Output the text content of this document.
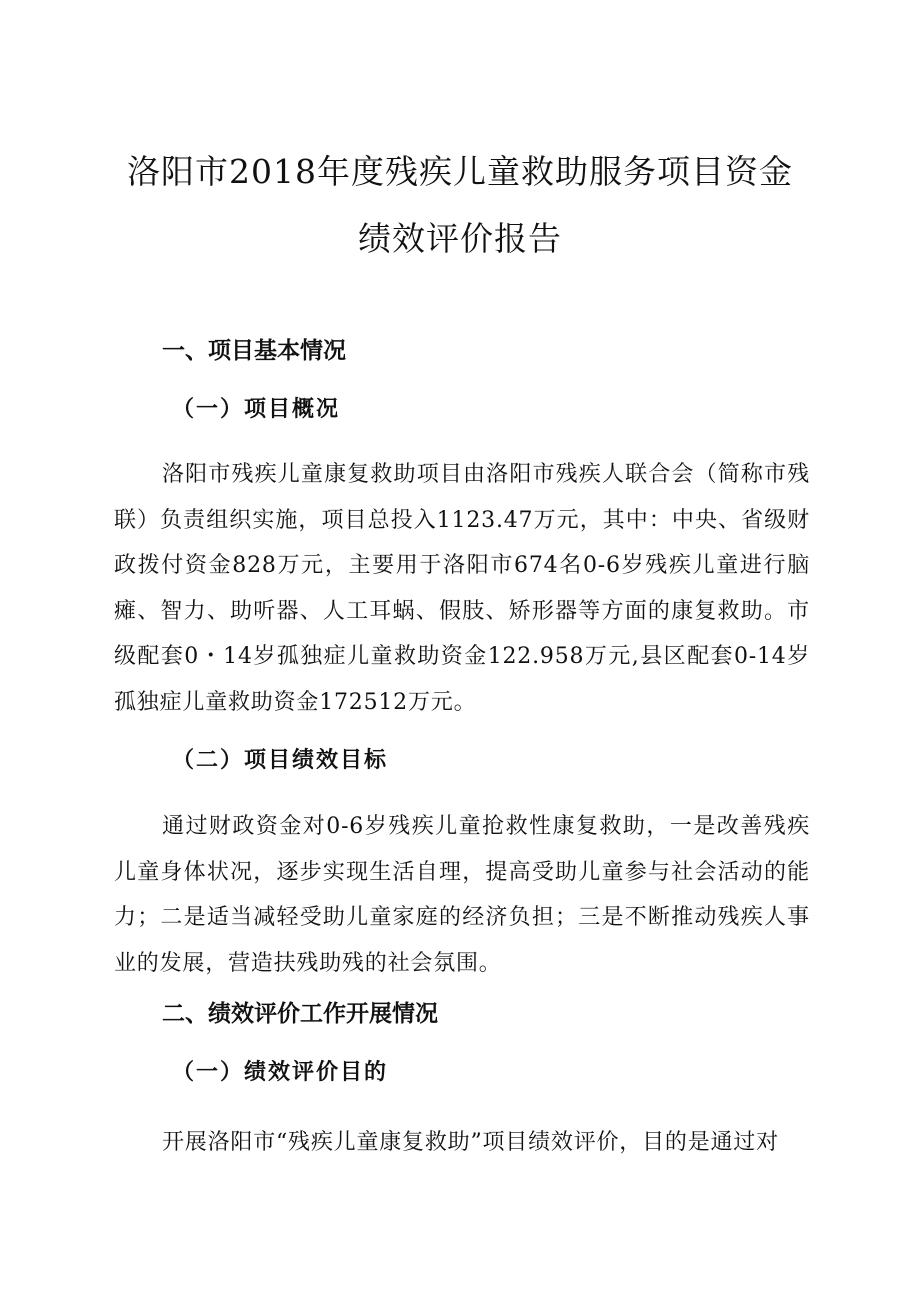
洛阳市2018年度残疾儿童救助服务项目资金
绩效评价报告
一、项目基本情况
（一）项目概况

洛阳市残疾儿童康复救助项目由洛阳市残疾人联合会（简称市残联）负责组织实施，项目总投入1123.47万元，其中：中央、省级财政拨付资金828万元，主要用于洛阳市674名0-6岁残疾儿童进行脑瘫、智力、助听器、人工耳蜗、假肢、矫形器等方面的康复救助。市级配套0・14岁孤独症儿童救助资金122.958万元,县区配套0-14岁孤独症儿童救助资金172512万元。

（二）项目绩效目标

通过财政资金对0-6岁残疾儿童抢救性康复救助，一是改善残疾儿童身体状况，逐步实现生活自理，提高受助儿童参与社会活动的能力；二是适当减轻受助儿童家庭的经济负担；三是不断推动残疾人事业的发展，营造扶残助残的社会氛围。

二、绩效评价工作开展情况
（一）绩效评价目的

开展洛阳市“残疾儿童康复救助”项目绩效评价，目的是通过对
